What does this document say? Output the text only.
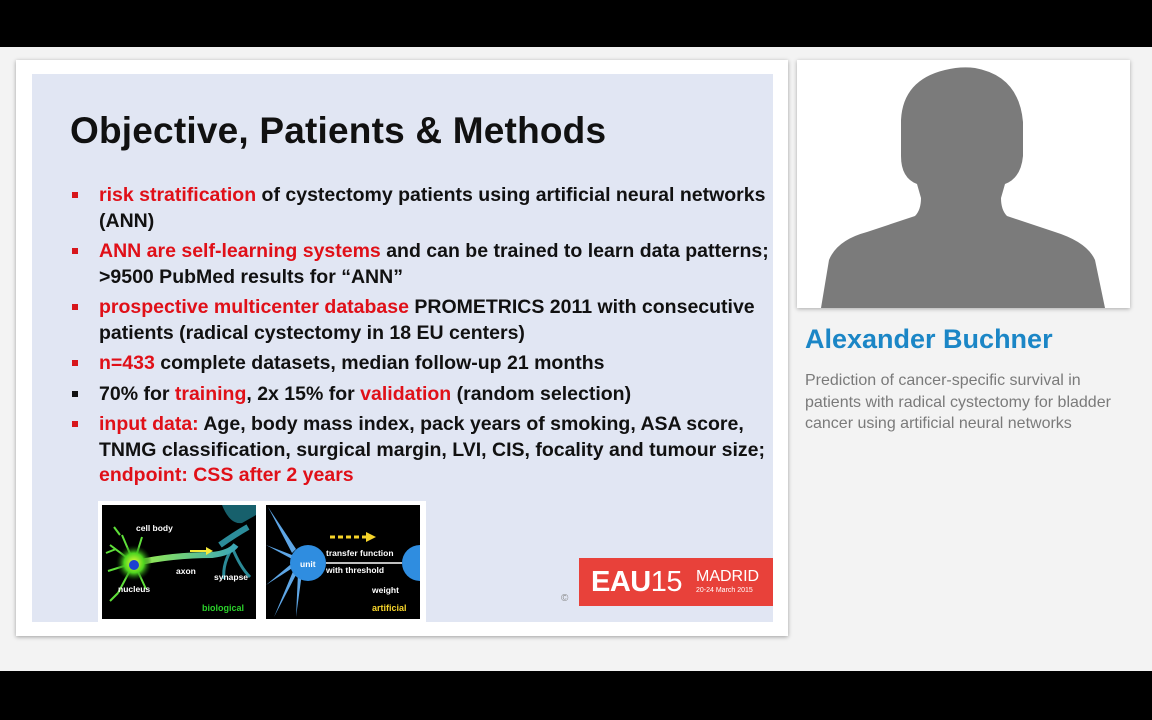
Objective, Patients & Methods
risk stratification of cystectomy patients using artificial neural networks (ANN)
ANN are self-learning systems and can be trained to learn data patterns; >9500 PubMed results for “ANN”
prospective multicenter database PROMETRICS 2011 with consecutive patients (radical cystectomy in 18 EU centers)
n=433 complete datasets, median follow-up 21 months
70% for training, 2x 15% for validation (random selection)
input data: Age, body mass index, pack years of smoking, ASA score, TNMG classification, surgical margin, LVI, CIS, focality and tumour size; endpoint: CSS after 2 years
cell body
axon
synapse
nucleus
biological
unit
transfer function
with threshold
weight
artificial
©
EAU15 MADRID
20-24 March 2015
Alexander Buchner

Prediction of cancer-specific survival in patients with radical cystectomy for bladder cancer using artificial neural networks
